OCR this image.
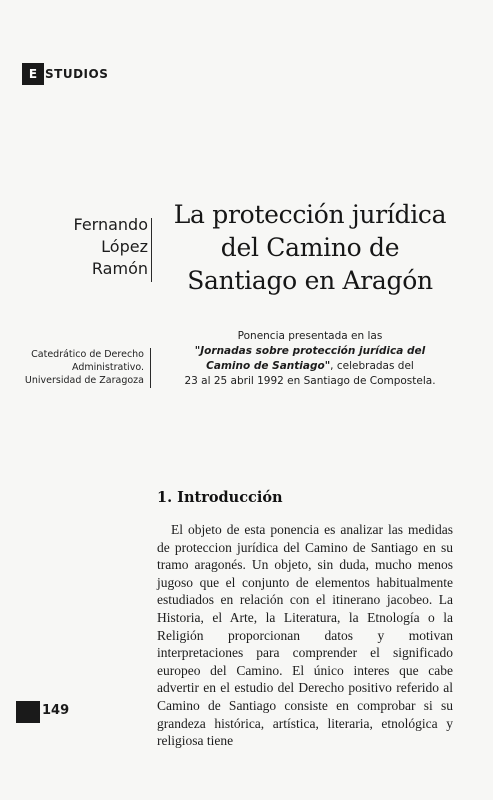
E STUDIOS
Fernando
López
Ramón
La protección jurídica
del Camino de
Santiago en Aragón
Catedrático de Derecho
Administrativo.
Universidad de Zaragoza
Ponencia presentada en las
"Jornadas sobre protección jurídica del
Camino de Santiago", celebradas del
23 al 25 abril 1992 en Santiago de Compostela.
1. Introducción
El objeto de esta ponencia es analizar las medidas de proteccion jurídica del Camino de Santiago en su tramo aragonés. Un objeto, sin duda, mucho menos jugoso que el conjunto de elementos habitualmente estudiados en relación con el itinerano jacobeo. La Historia, el Arte, la Literatura, la Etnología o la Religión proporcionan datos y motivan interpretaciones para comprender el significado europeo del Camino. El único interes que cabe advertir en el estudio del Derecho positivo referido al Camino de Santiago consiste en comprobar si su grandeza histórica, artística, literaria, etnológica y religiosa tiene
149
